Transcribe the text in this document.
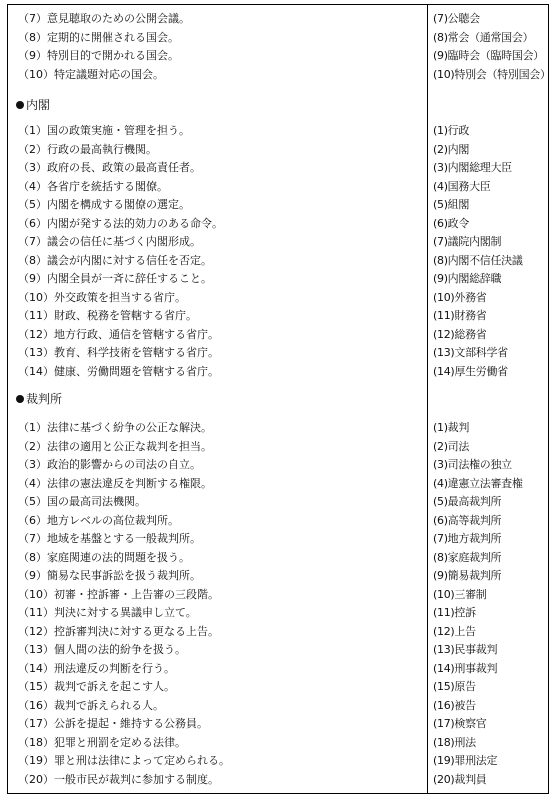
（7）意見聴取のための公開会議。	(7)公聴会
（8）定期的に開催される国会。	(8)常会（通常国会）
（9）特別目的で開かれる国会。	(9)臨時会（臨時国会）
（10）特定議題対応の国会。	(10)特別会（特別国会）
内閣
（1）国の政策実施・管理を担う。	(1)行政
（2）行政の最高執行機関。	(2)内閣
（3）政府の長、政策の最高責任者。	(3)内閣総理大臣
（4）各省庁を統括する閣僚。	(4)国務大臣
（5）内閣を構成する閣僚の選定。	(5)組閣
（6）内閣が発する法的効力のある命令。	(6)政令
（7）議会の信任に基づく内閣形成。	(7)議院内閣制
（8）議会が内閣に対する信任を否定。	(8)内閣不信任決議
（9）内閣全員が一斉に辞任すること。	(9)内閣総辞職
（10）外交政策を担当する省庁。	(10)外務省
（11）財政、税務を管轄する省庁。	(11)財務省
（12）地方行政、通信を管轄する省庁。	(12)総務省
（13）教育、科学技術を管轄する省庁。	(13)文部科学省
（14）健康、労働問題を管轄する省庁。	(14)厚生労働省
裁判所
（1）法律に基づく紛争の公正な解決。	(1)裁判
（2）法律の適用と公正な裁判を担当。	(2)司法
（3）政治的影響からの司法の自立。	(3)司法権の独立
（4）法律の憲法違反を判断する権限。	(4)違憲立法審査権
（5）国の最高司法機関。	(5)最高裁判所
（6）地方レベルの高位裁判所。	(6)高等裁判所
（7）地域を基盤とする一般裁判所。	(7)地方裁判所
（8）家庭関連の法的問題を扱う。	(8)家庭裁判所
（9）簡易な民事訴訟を扱う裁判所。	(9)簡易裁判所
（10）初審・控訴審・上告審の三段階。	(10)三審制
（11）判決に対する異議申し立て。	(11)控訴
（12）控訴審判決に対する更なる上告。	(12)上告
（13）個人間の法的紛争を扱う。	(13)民事裁判
（14）刑法違反の判断を行う。	(14)刑事裁判
（15）裁判で訴えを起こす人。	(15)原告
（16）裁判で訴えられる人。	(16)被告
（17）公訴を提起・維持する公務員。	(17)検察官
（18）犯罪と刑罰を定める法律。	(18)刑法
（19）罪と刑は法律によって定められる。	(19)罪刑法定
（20）一般市民が裁判に参加する制度。	(20)裁判員
